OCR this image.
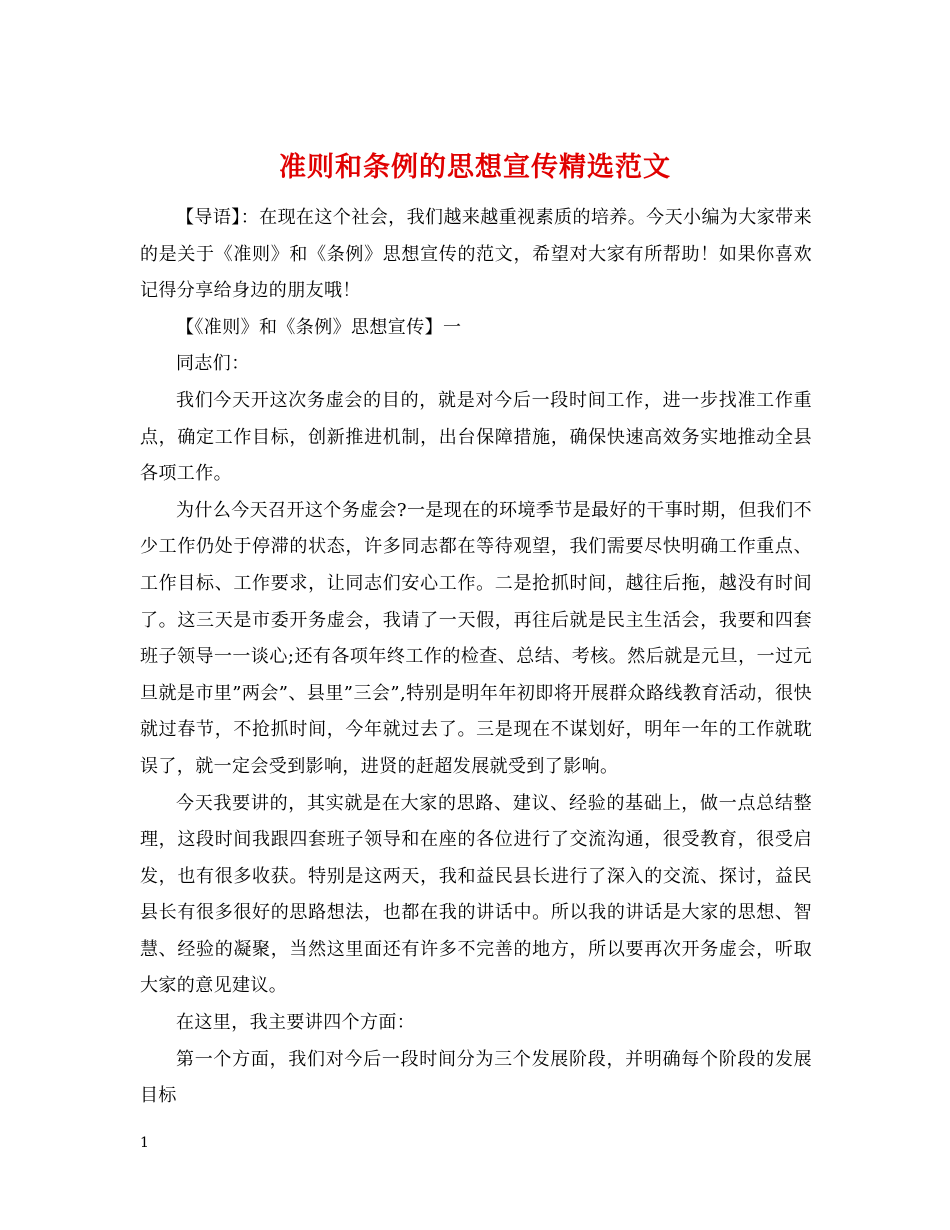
准则和条例的思想宣传精选范文

【导语】：在现在这个社会，我们越来越重视素质的培养。今天小编为大家带来的是关于《准则》和《条例》思想宣传的范文，希望对大家有所帮助！如果你喜欢记得分享给身边的朋友哦！

【《准则》和《条例》思想宣传】一

同志们：

我们今天开这次务虚会的目的，就是对今后一段时间工作，进一步找准工作重点，确定工作目标，创新推进机制，出台保障措施，确保快速高效务实地推动全县各项工作。

为什么今天召开这个务虚会?一是现在的环境季节是最好的干事时期，但我们不少工作仍处于停滞的状态，许多同志都在等待观望，我们需要尽快明确工作重点、工作目标、工作要求，让同志们安心工作。二是抢抓时间，越往后拖，越没有时间了。这三天是市委开务虚会，我请了一天假，再往后就是民主生活会，我要和四套班子领导一一谈心;还有各项年终工作的检查、总结、考核。然后就是元旦，一过元旦就是市里”两会”、县里”三会”,特别是明年年初即将开展群众路线教育活动，很快就过春节，不抢抓时间，今年就过去了。三是现在不谋划好，明年一年的工作就耽误了，就一定会受到影响，进贤的赶超发展就受到了影响。

今天我要讲的，其实就是在大家的思路、建议、经验的基础上，做一点总结整理，这段时间我跟四套班子领导和在座的各位进行了交流沟通，很受教育，很受启发，也有很多收获。特别是这两天，我和益民县长进行了深入的交流、探讨，益民县长有很多很好的思路想法，也都在我的讲话中。所以我的讲话是大家的思想、智慧、经验的凝聚，当然这里面还有许多不完善的地方，所以要再次开务虚会，听取大家的意见建议。

在这里，我主要讲四个方面：

第一个方面，我们对今后一段时间分为三个发展阶段，并明确每个阶段的发展目标

1
